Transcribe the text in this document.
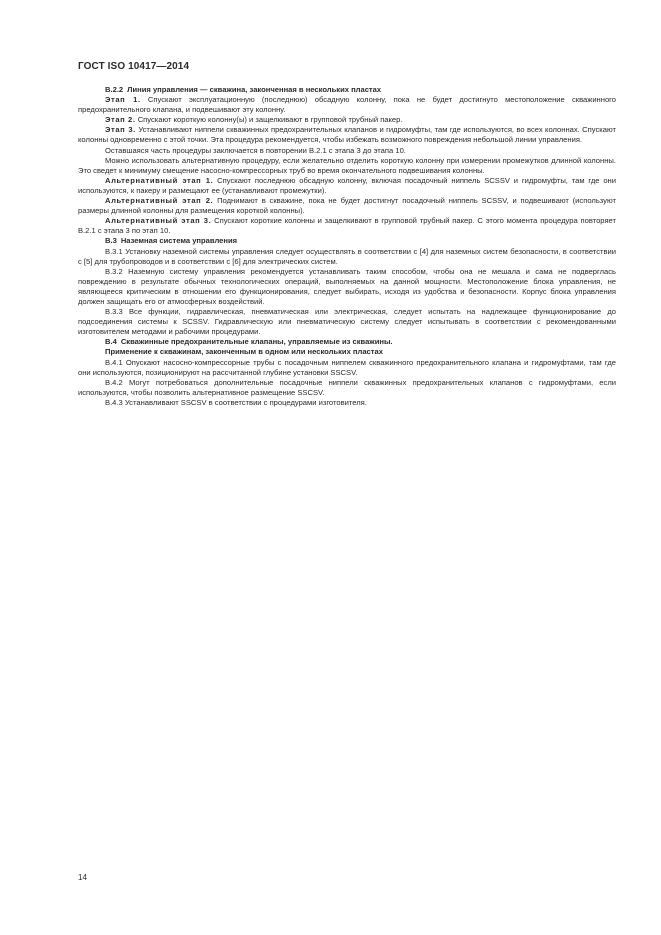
ГОСТ ISO 10417—2014

В.2.2 Линия управления — скважина, законченная в нескольких пластах

Этап 1. Спускают эксплуатационную (последнюю) обсадную колонну, пока не будет достигнуто местоположение скважинного предохранительного клапана, и подвешивают эту колонну.

Этап 2. Спускают короткую колонну(ы) и защелкивают в групповой трубный пакер.

Этап 3. Устанавливают ниппели скважинных предохранительных клапанов и гидромуфты, там где используются, во всех колоннах. Спускают колонны одновременно с этой точки. Эта процедура рекомендуется, чтобы избежать возможного повреждения небольшой линии управления.

Оставшаяся часть процедуры заключается в повторении В.2.1 с этапа 3 до этапа 10.

Можно использовать альтернативную процедуру, если желательно отделить короткую колонну при измерении промежутков длинной колонны. Это сведет к минимуму смещение насосно-компрессорных труб во время окончательного подвешивания колонны.

Альтернативный этап 1. Спускают последнюю обсадную колонну, включая посадочный ниппель SCSSV и гидромуфты, там где они используются, к пакеру и размещают ее (устанавливают промежутки).

Альтернативный этап 2. Поднимают в скважине, пока не будет достигнут посадочный ниппель SCSSV, и подвешивают (используют размеры длинной колонны для размещения короткой колонны).

Альтернативный этап 3. Спускают короткие колонны и защелкивают в групповой трубный пакер. С этого момента процедура повторяет В.2.1 с этапа 3 по этап 10.

В.3 Наземная система управления

В.3.1 Установку наземной системы управления следует осуществлять в соответствии с [4] для наземных систем безопасности, в соответствии с [5] для трубопроводов и в соответствии с [6] для электрических систем.

В.3.2 Наземную систему управления рекомендуется устанавливать таким способом, чтобы она не мешала и сама не подверглась повреждению в результате обычных технологических операций, выполняемых на данной мощности. Местоположение блока управления, не являющееся критическим в отношении его функционирования, следует выбирать, исходя из удобства и безопасности. Корпус блока управления должен защищать его от атмосферных воздействий.

В.3.3 Все функции, гидравлическая, пневматическая или электрическая, следует испытать на надлежащее функционирование до подсоединения системы к SCSSV. Гидравлическую или пневматическую систему следует испытывать в соответствии с рекомендованными изготовителем методами и рабочими процедурами.

В.4 Скважинные предохранительные клапаны, управляемые из скважины.

Применение к скважинам, законченным в одном или нескольких пластах

В.4.1 Опускают насосно-компрессорные трубы с посадочным ниппелем скважинного предохранительного клапана и гидромуфтами, там где они используются, позиционируют на рассчитанной глубине установки SSCSV.

В.4.2 Могут потребоваться дополнительные посадочные ниппели скважинных предохранительных клапанов с гидромуфтами, если используются, чтобы позволить альтернативное размещение SSCSV.

В.4.3 Устанавливают SSCSV в соответствии с процедурами изготовителя.

14
